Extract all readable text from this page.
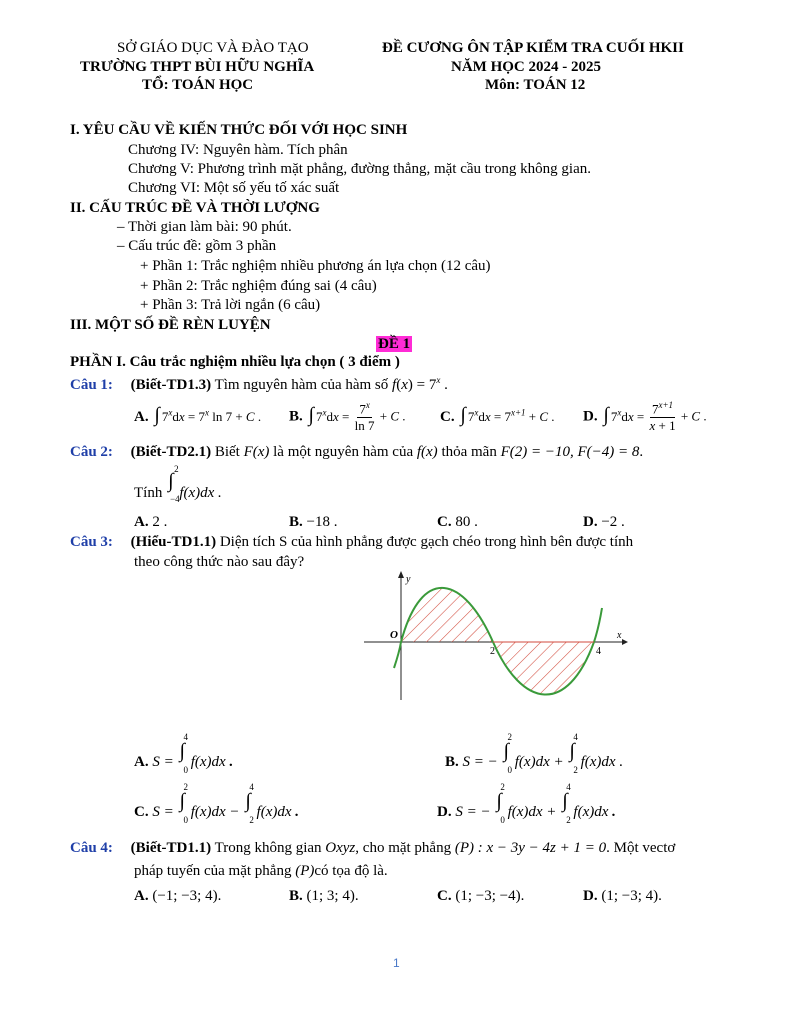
SỞ GIÁO DỤC VÀ ĐÀO TẠO
TRƯỜNG THPT BÙI HỮU NGHĨA
TỔ: TOÁN HỌC
ĐỀ CƯƠNG ÔN TẬP KIỂM TRA CUỐI HKII
NĂM HỌC 2024 - 2025
Môn: TOÁN 12
I. YÊU CẦU VỀ KIẾN THỨC ĐỐI VỚI HỌC SINH
Chương IV: Nguyên hàm. Tích phân
Chương V: Phương trình mặt phẳng, đường thẳng, mặt cầu trong không gian.
Chương VI: Một số yếu tố xác suất
II. CẤU TRÚC ĐỀ VÀ THỜI LƯỢNG
– Thời gian làm bài: 90 phút.
– Cấu trúc đề: gồm 3 phần
+ Phần 1: Trắc nghiệm nhiều phương án lựa chọn (12 câu)
+ Phần 2: Trắc nghiệm đúng sai (4 câu)
+ Phần 3: Trả lời ngắn (6 câu)
III. MỘT SỐ ĐỀ RÈN LUYỆN
ĐỀ 1
PHẦN I. Câu trắc nghiệm nhiều lựa chọn ( 3 điểm )
Câu 1: (Biết-TD1.3) Tìm nguyên hàm của hàm số $f(x) = 7^x$ .
A. ∫ $7^xdx = 7^x$ ln 7 + C . B. ∫ $7^xdx = \frac{7^x}{\ln 7} + C$ . C. ∫ $7^xdx = 7^{x+1} + C$ . D. ∫ $7^xdx = \frac{7^{x+1}}{x + 1} + C$ .
Câu 2: (Biết-TD2.1) Biết F(x) là một nguyên hàm của f(x) thỏa mãn F(2) = −10, F(−4) = 8.
Tính ∫
2
−4 f(x)dx .
A. 2 .	B. −18 .	C. 80 .	D. −2 .
Câu 3: (Hiểu-TD1.1) Diện tích S của hình phẳng được gạch chéo trong hình bên được tính
theo công thức nào sau đây?
O
y
x
2	4
A. S = ∫
4
0 f(x)dx .	B. S = − ∫
2
0 f(x)dx + ∫
4
2 f(x)dx .
C. S = ∫
2
0 f(x)dx − ∫
4
2 f(x)dx .	D. S = − ∫
2
0 f(x)dx + ∫
4
2 f(x)dx .
Câu 4: (Biết-TD1.1) Trong không gian Oxyz, cho mặt phẳng (P) : x − 3y − 4z + 1 = 0. Một vectơ
pháp tuyến của mặt phẳng (P)có tọa độ là.
A. (−1; −3; 4).	B. (1; 3; 4).	C. (1; −3; −4).	D. (1; −3; 4).
1
